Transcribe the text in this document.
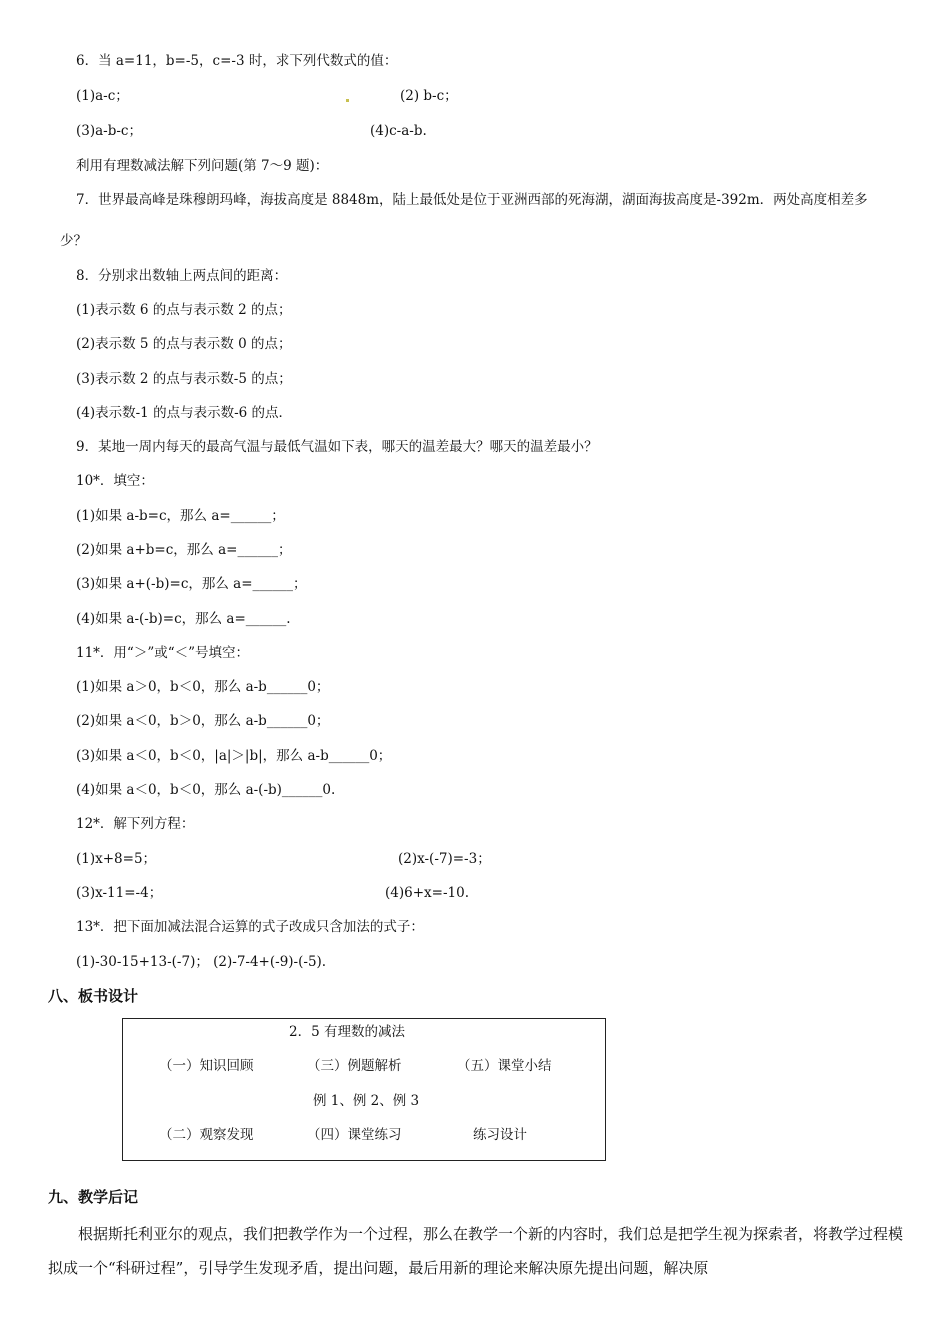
6．当 a=11，b=-5，c=-3 时，求下列代数式的值：
(1)a-c；	(2) b-c；
(3)a-b-c；	(4)c-a-b.
利用有理数减法解下列问题(第 7～9 题)：
7．世界最高峰是珠穆朗玛峰，海拔高度是 8848m，陆上最低处是位于亚洲西部的死海湖，湖面海拔高度是-392m．两处高度相差多
少？
8．分别求出数轴上两点间的距离：
(1)表示数 6 的点与表示数 2 的点；
(2)表示数 5 的点与表示数 0 的点；
(3)表示数 2 的点与表示数-5 的点；
(4)表示数-1 的点与表示数-6 的点．
9．某地一周内每天的最高气温与最低气温如下表，哪天的温差最大？哪天的温差最小？
10*．填空：
(1)如果 a-b=c，那么 a=______；
(2)如果 a+b=c，那么 a=______；
(3)如果 a+(-b)=c，那么 a=______；
(4)如果 a-(-b)=c，那么 a=______.
11*．用“＞”或“＜”号填空：
(1)如果 a＞0，b＜0，那么 a-b______0；
(2)如果 a＜0，b＞0，那么 a-b______0；
(3)如果 a＜0，b＜0，|a|＞|b|，那么 a-b______0；
(4)如果 a＜0，b＜0，那么 a-(-b)______0.
12*．解下列方程：
(1)x+8=5；	(2)x-(-7)=-3；
(3)x-11=-4；	(4)6+x=-10.
13*．把下面加减法混合运算的式子改成只含加法的式子：
(1)-30-15+13-(-7)； (2)-7-4+(-9)-(-5).
八、板书设计
2．5 有理数的减法
（一）知识回顾	（三）例题解析	（五）课堂小结
例 1、例 2、例 3
（二）观察发现	（四）课堂练习	练习设计
九、教学后记
根据斯托利亚尔的观点，我们把教学作为一个过程，那么在教学一个新的内容时，我们总是把学生视为探索者，将教学过程模拟成一个“科研过程”，引导学生发现矛盾，提出问题，最后用新的理论来解决原先提出问题，解决原
